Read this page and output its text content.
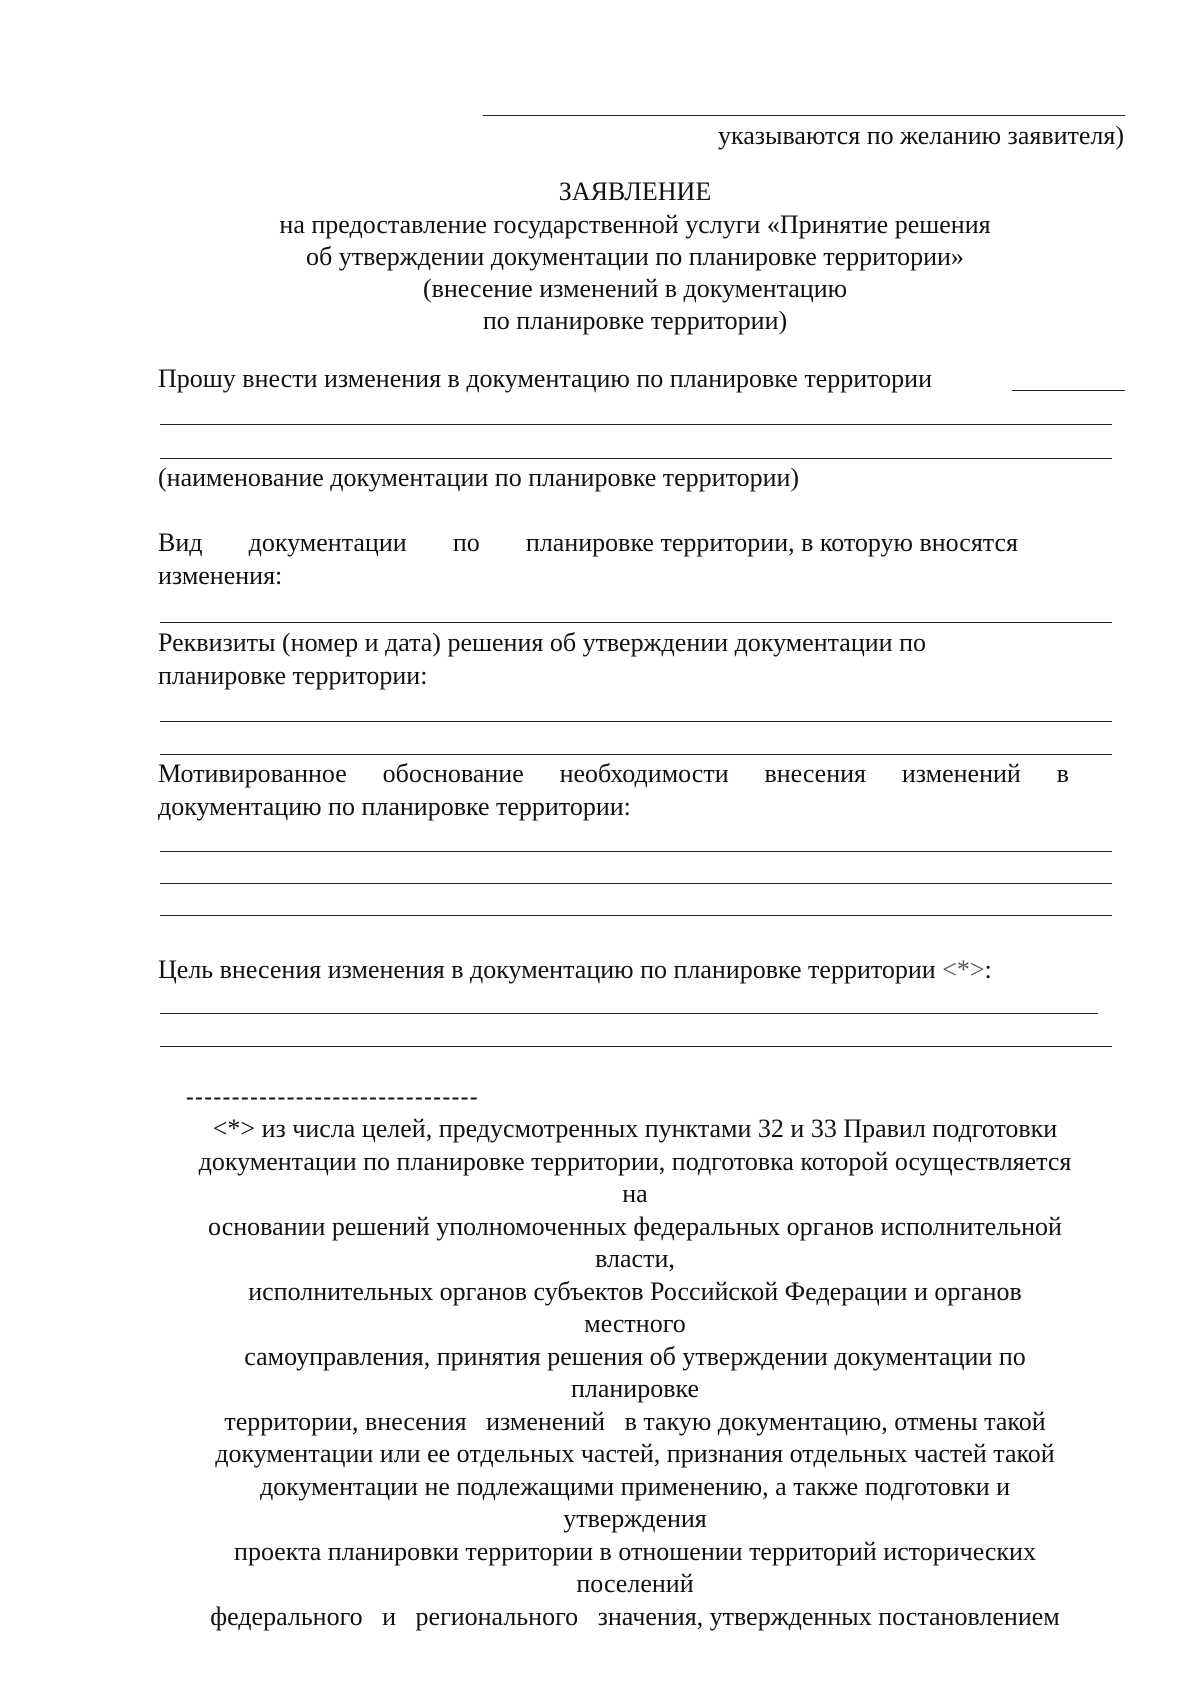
указываются по желанию заявителя)
ЗАЯВЛЕНИЕ
на предоставление государственной услуги «Принятие решения
об утверждении документации по планировке территории»
(внесение изменений в документацию
по планировке территории)
Прошу внести изменения в документацию по планировке территории
(наименование документации по планировке территории)
Вид документации по планировке территории, в которую вносятся
изменения:
Реквизиты (номер и дата) решения об утверждении документации по
планировке территории:
Мотивированное обоснование необходимости внесения изменений в
документацию по планировке территории:
Цель внесения изменения в документацию по планировке территории <*>:
--------------------------------
<*> из числа целей, предусмотренных пунктами 32 и 33 Правил подготовки
документации по планировке территории, подготовка которой осуществляется
на
основании решений уполномоченных федеральных органов исполнительной
власти,
исполнительных органов субъектов Российской Федерации и органов
местного
самоуправления, принятия решения об утверждении документации по
планировке
территории, внесения   изменений   в такую документацию, отмены такой
документации или ее отдельных частей, признания отдельных частей такой
документации не подлежащими применению, а также подготовки и
утверждения
проекта планировки территории в отношении территорий исторических
поселений
федерального   и   регионального   значения, утвержденных постановлением
